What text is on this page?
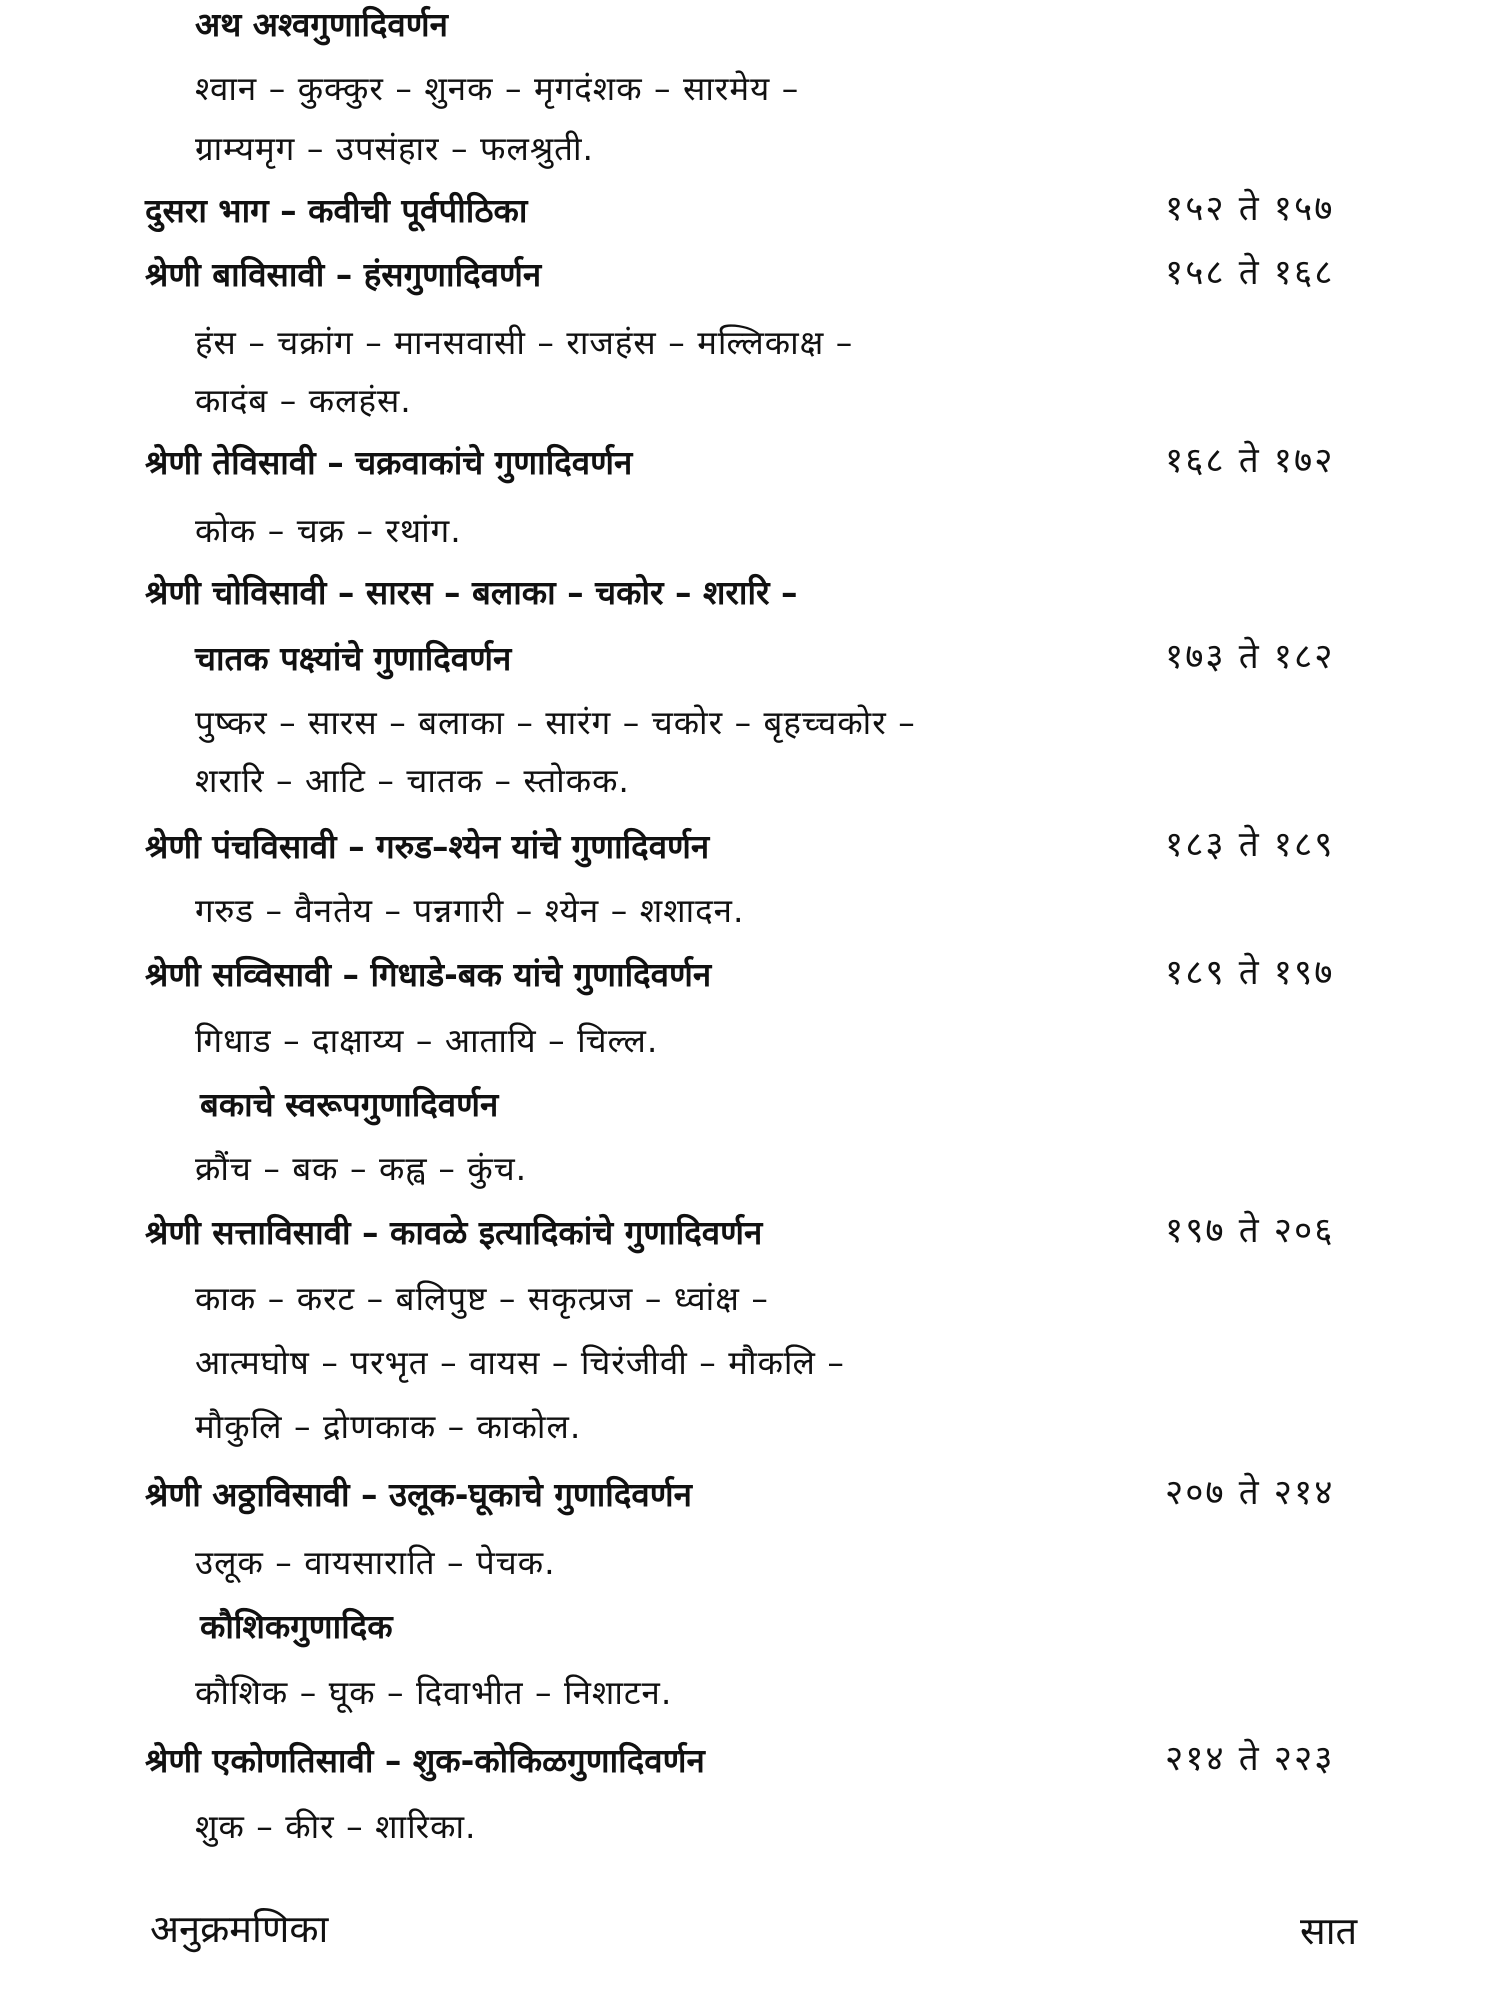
अथ अश्वगुणादिवर्णन
श्वान – कुक्कुर – शुनक – मृगदंशक – सारमेय –
ग्राम्यमृग – उपसंहार – फलश्रुती.
दुसरा भाग – कवीची पूर्वपीठिका
श्रेणी बाविसावी – हंसगुणादिवर्णन
हंस – चक्रांग – मानसवासी – राजहंस – मल्लिकाक्ष –
कादंब – कलहंस.
श्रेणी तेविसावी – चक्रवाकांचे गुणादिवर्णन
कोक – चक्र – रथांग.
श्रेणी चोविसावी – सारस – बलाका – चकोर – शरारि –
चातक पक्ष्यांचे गुणादिवर्णन
पुष्कर – सारस – बलाका – सारंग – चकोर – बृहच्चकोर –
शरारि – आटि – चातक – स्तोकक.
श्रेणी पंचविसावी – गरुड–श्येन यांचे गुणादिवर्णन
गरुड – वैनतेय – पन्नगारी – श्येन – शशादन.
श्रेणी सव्विसावी – गिधाडे-बक यांचे गुणादिवर्णन
गिधाड – दाक्षाय्य – आतायि – चिल्ल.
बकाचे स्वरूपगुणादिवर्णन
क्रौंच – बक – कह्व – कुंच.
श्रेणी सत्ताविसावी – कावळे इत्यादिकांचे गुणादिवर्णन
काक – करट – बलिपुष्ट – सकृत्प्रज – ध्वांक्ष –
आत्मघोष – परभृत – वायस – चिरंजीवी – मौकलि –
मौकुलि – द्रोणकाक – काकोल.
श्रेणी अठ्ठाविसावी – उलूक-घूकाचे गुणादिवर्णन
उलूक – वायसाराति – पेचक.
कौशिकगुणादिक
कौशिक – घूक – दिवाभीत – निशाटन.
श्रेणी एकोणतिसावी – शुक-कोकिळगुणादिवर्णन
शुक – कीर – शारिका.
१५२ ते १५७
१५८ ते १६८
१६८ ते १७२
१७३ ते १८२
१८३ ते १८९
१८९ ते १९७
१९७ ते २०६
२०७ ते २१४
२१४ ते २२३
अनुक्रमणिका	सात
